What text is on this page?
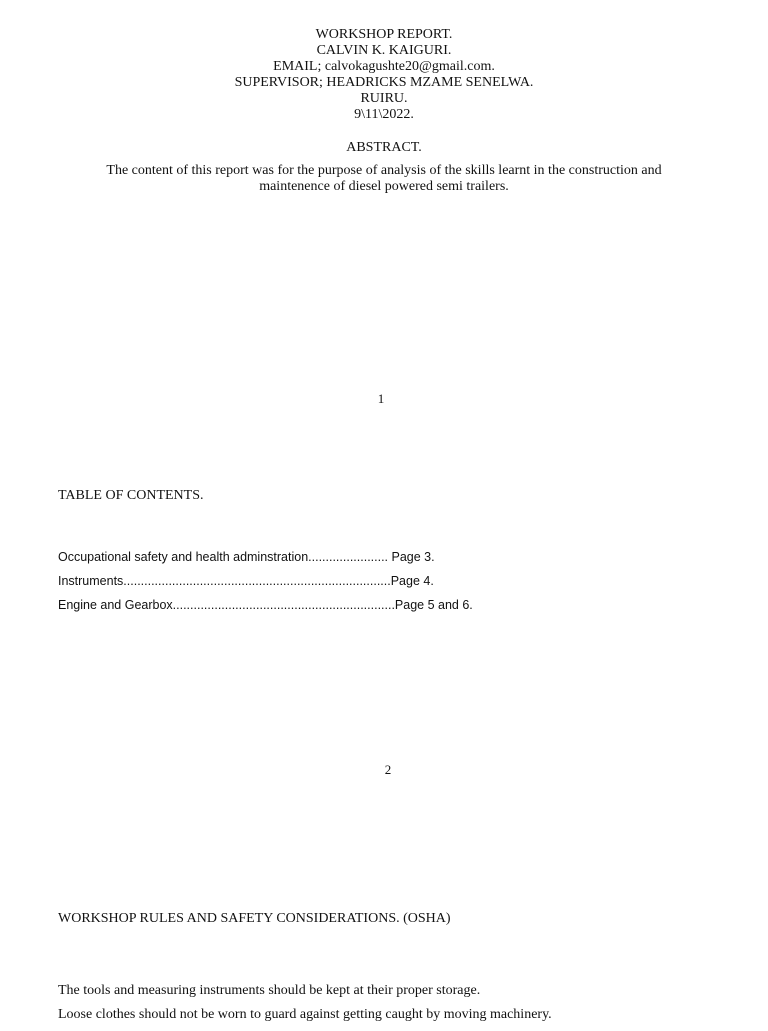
WORKSHOP REPORT.
CALVIN K. KAIGURI.
EMAIL; calvokagushte20@gmail.com.
SUPERVISOR; HEADRICKS MZAME SENELWA.
RUIRU.
9\11\2022.
ABSTRACT.
The content of this report was for the purpose of analysis of the skills learnt in the construction and
maintenence of diesel powered semi trailers.
1
TABLE OF CONTENTS.
Occupational safety and health adminstration....................... Page 3.
Instruments.............................................................................Page 4.
Engine and Gearbox................................................................Page 5 and 6.
2
WORKSHOP RULES AND SAFETY CONSIDERATIONS. (OSHA)
The tools and measuring instruments should be kept at their proper storage.
Loose clothes should not be worn to guard against getting caught by moving machinery.
